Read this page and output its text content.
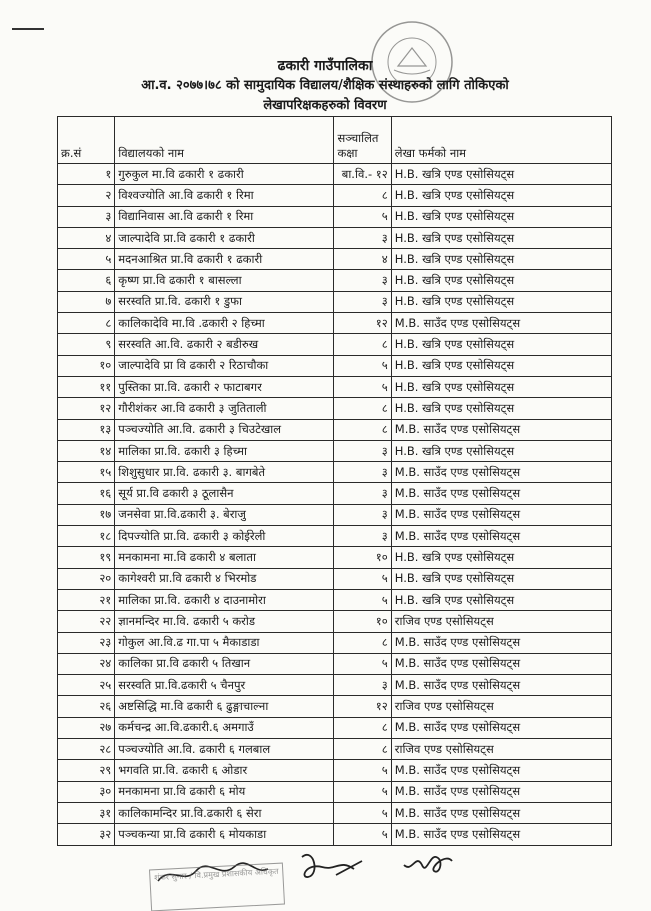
ढकारी गाउँपालिका
आ.व. २०७७।७८ को सामुदायिक विद्यालय/शैक्षिक संस्थाहरुको लागि तोकिएको
लेखापरिक्षकहरुको विवरण
क्र.सं	विद्यालयको नाम	सञ्चालित कक्षा	लेखा फर्मको नाम
१	गुरुकुल मा.वि ढकारी १ ढकारी	बा.वि.- १२	H.B. खत्रि एण्ड एसोसियट्स
२	विश्वज्योति आ.वि ढकारी १ रिमा	८	H.B. खत्रि एण्ड एसोसियट्स
३	विद्यानिवास आ.वि ढकारी १ रिमा	५	H.B. खत्रि एण्ड एसोसियट्स
४	जाल्पादेवि प्रा.वि ढकारी १ ढकारी	३	H.B. खत्रि एण्ड एसोसियट्स
५	मदनआश्रित प्रा.वि ढकारी १ ढकारी	४	H.B. खत्रि एण्ड एसोसियट्स
६	कृष्ण प्रा.वि ढकारी १ बासल्ला	३	H.B. खत्रि एण्ड एसोसियट्स
७	सरस्वति प्रा.वि. ढकारी १ डुफा	३	H.B. खत्रि एण्ड एसोसियट्स
८	कालिकादेवि मा.वि .ढकारी २ हिच्मा	१२	M.B. साउँद एण्ड एसोसियट्स
९	सरस्वति आ.वि. ढकारी २ बडीरुख	८	H.B. खत्रि एण्ड एसोसियट्स
१०	जाल्पादेवि प्रा वि ढकारी २ रिठाचौका	५	H.B. खत्रि एण्ड एसोसियट्स
११	पुस्तिका प्रा.वि. ढकारी २ फाटाबगर	५	H.B. खत्रि एण्ड एसोसियट्स
१२	गौरीशंकर आ.वि ढकारी ३ जुतिताली	८	H.B. खत्रि एण्ड एसोसियट्स
१३	पञ्चज्योति आ.वि. ढकारी ३ चिउटेखाल	८	M.B. साउँद एण्ड एसोसियट्स
१४	मालिका प्रा.वि. ढकारी ३ हिच्मा	३	H.B. खत्रि एण्ड एसोसियट्स
१५	शिशुसुधार प्रा.वि. ढकारी ३. बागबेते	३	M.B. साउँद एण्ड एसोसियट्स
१६	सूर्य प्रा.वि ढकारी ३ ठूलासैन	३	M.B. साउँद एण्ड एसोसियट्स
१७	जनसेवा प्रा.वि.ढकारी ३. बेराजु	३	M.B. साउँद एण्ड एसोसियट्स
१८	दिपज्योति प्रा.वि. ढकारी ३ कोईरेली	३	M.B. साउँद एण्ड एसोसियट्स
१९	मनकामना मा.वि ढकारी ४ बलाता	१०	H.B. खत्रि एण्ड एसोसियट्स
२०	कागेश्वरी प्रा.वि ढकारी ४ भिरमोड	५	H.B. खत्रि एण्ड एसोसियट्स
२१	मालिका प्रा.वि. ढकारी ४ दाउनामोरा	५	H.B. खत्रि एण्ड एसोसियट्स
२२	ज्ञानमन्दिर मा.वि. ढकारी ५ करोड	१०	राजिव एण्ड एसोसियट्स
२३	गोकुल आ.वि.ढ गा.पा ५ मैकाडाडा	८	M.B. साउँद एण्ड एसोसियट्स
२४	कालिका प्रा.वि ढकारी ५ तिखान	५	M.B. साउँद एण्ड एसोसियट्स
२५	सरस्वति प्रा.वि.ढकारी ५ चैनपुर	३	M.B. साउँद एण्ड एसोसियट्स
२६	अष्टसिद्धि मा.वि ढकारी ६ ढुङ्गाचाल्ना	१२	राजिव एण्ड एसोसियट्स
२७	कर्मचन्द्र आ.वि.ढकारी.६ अमगाउँ	८	M.B. साउँद एण्ड एसोसियट्स
२८	पञ्चज्योति आ.वि. ढकारी ६ गलबाल	८	राजिव एण्ड एसोसियट्स
२९	भगवति प्रा.वि. ढकारी ६ ओडार	५	M.B. साउँद एण्ड एसोसियट्स
३०	मनकामना प्रा.वि ढकारी ६ मोय	५	M.B. साउँद एण्ड एसोसियट्स
३१	कालिकामन्दिर प्रा.वि.ढकारी ६ सेरा	५	M.B. साउँद एण्ड एसोसियट्स
३२	पञ्चकन्या प्रा.वि ढकारी ६ मोयकाडा	५	M.B. साउँद एण्ड एसोसियट्स
शंकर सुनार / वि.प्रमुख प्रशासकीय अधिकृत
